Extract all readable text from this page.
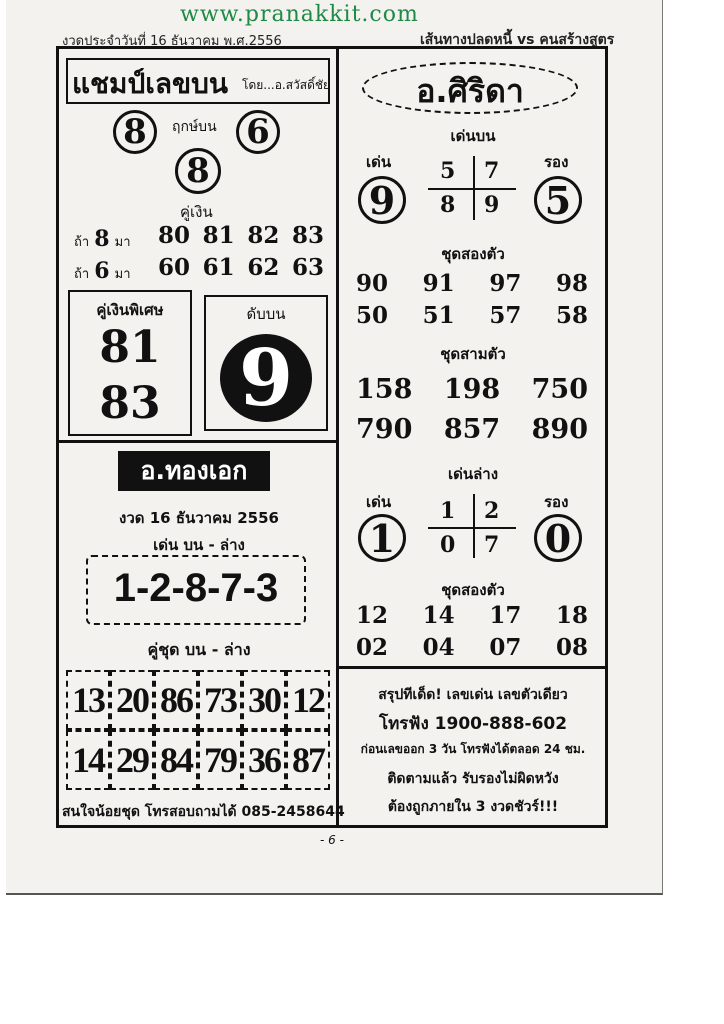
www.pranakkit.com
งวดประจำวันที่ 16 ธันวาคม พ.ศ.2556	เส้นทางปลดหนี้ vs คนสร้างสูตร
แชมป์เลขบน โดย...อ.สวัสดิ์ชัย
8	ฤกษ์บน 6
8
คู่เงิน
ถ้า 8 มา	80 81 82 83
ถ้า 6 มา	60 61 62 63
คู่เงินพิเศษ
81
83
ดับบน
9
อ.ทองเอก
งวด 16 ธันวาคม 2556
เด่น บน - ล่าง
1-2-8-7-3
คู่ชุด บน - ล่าง
13 20 86 73 30 12
14 29 84 79 36 87
สนใจน้อยชุด โทรสอบถามได้ 085-2458644
อ.ศิริดา
เด่นบน
เด่น	รอง
9	5
5 7
8 9
ชุดสองตัว
90 91 97 98
50 51 57 58
ชุดสามตัว
158 198 750
790 857 890
เด่นล่าง
เด่น	รอง
1	0
1 2
0 7
ชุดสองตัว
12 14 17 18
02 04 07 08
สรุปทีเด็ด! เลขเด่น เลขตัวเดียว
โทรฟัง 1900-888-602
ก่อนเลขออก 3 วัน โทรฟังได้ตลอด 24 ชม.
ติดตามแล้ว รับรองไม่ผิดหวัง
ต้องถูกภายใน 3 งวดชัวร์!!!
- 6 -
